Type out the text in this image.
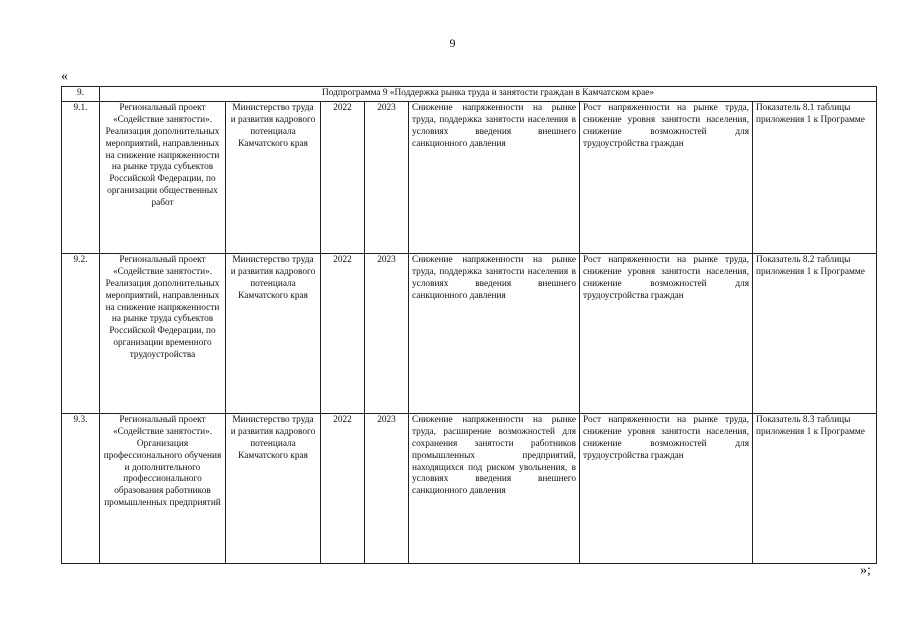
9
«
9.	Подпрограмма 9 «Поддержка рынка труда и занятости граждан в Камчатском крае»						
9.1.	Региональный проект «Содействие занятости». Реализация дополнительных мероприятий, направленных на снижение напряженности на рынке труда субъектов Российской Федерации, по организации общественных работ	Министерство труда и развития кадрового потенциала Камчатского края	2022	2023	Снижение напряженности на рынке труда, поддержка занятости населения в условиях введения внешнего санкционного давления	Рост напряженности на рынке труда, снижение уровня занятости населения, снижение возможностей для трудоустройства граждан	Показатель 8.1 таблицы приложения 1 к Программе
9.2.	Региональный проект «Содействие занятости». Реализация дополнительных мероприятий, направленных на снижение напряженности на рынке труда субъектов Российской Федерации, по организации временного трудоустройства	Министерство труда и развития кадрового потенциала Камчатского края	2022	2023	Снижение напряженности на рынке труда, поддержка занятости населения в условиях введения внешнего санкционного давления	Рост напряженности на рынке труда, снижение уровня занятости населения, снижение возможностей для трудоустройства граждан	Показатель 8.2 таблицы приложения 1 к Программе
9.3.	Региональный проект «Содействие занятости». Организация профессионального обучения и дополнительного профессионального образования работников промышленных предприятий	Министерство труда и развития кадрового потенциала Камчатского края	2022	2023	Снижение напряженности на рынке труда, расширение возможностей для сохранения занятости работников промышленных предприятий, находящихся под риском увольнения, в условиях введения внешнего санкционного давления	Рост напряженности на рынке труда, снижение уровня занятости населения, снижение возможностей для трудоустройства граждан	Показатель 8.3 таблицы приложения 1 к Программе
»;
